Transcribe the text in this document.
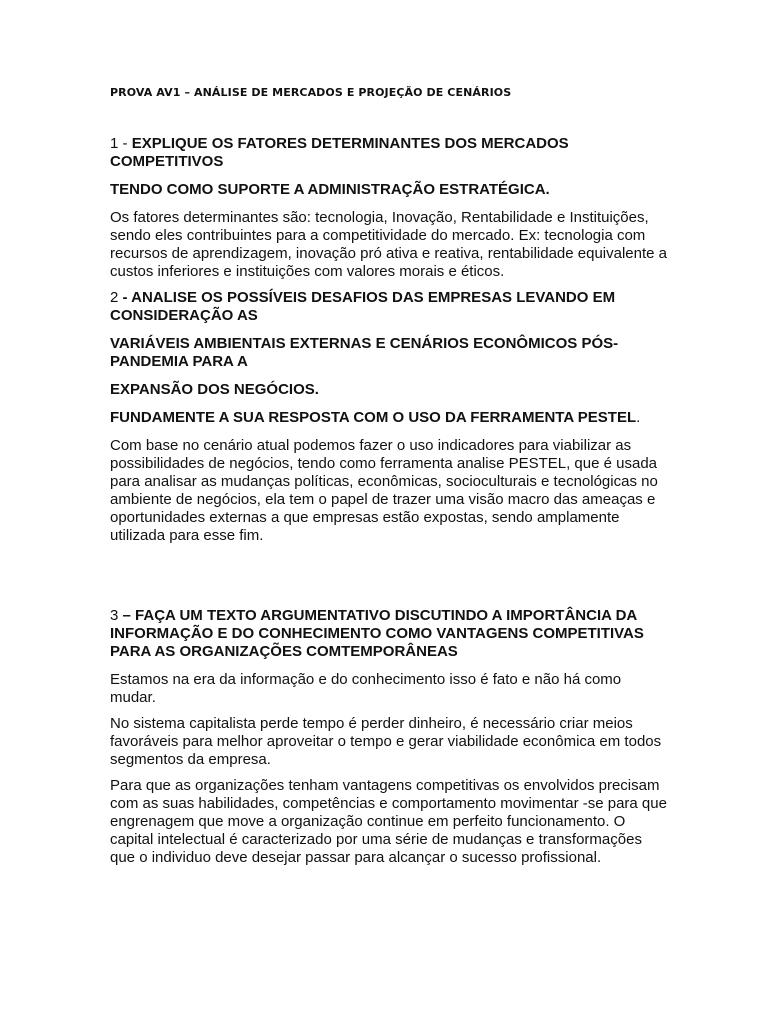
PROVA AV1 – ANÁLISE DE MERCADOS E PROJEÇÃO DE CENÁRIOS
1 - EXPLIQUE OS FATORES DETERMINANTES DOS MERCADOS COMPETITIVOS
TENDO COMO SUPORTE A ADMINISTRAÇÃO ESTRATÉGICA.
Os fatores determinantes são: tecnologia, Inovação, Rentabilidade e Instituições, sendo eles contribuintes para a competitividade do mercado. Ex: tecnologia com recursos de aprendizagem, inovação pró ativa e reativa, rentabilidade equivalente a custos inferiores e instituições com valores morais e éticos.
2 - ANALISE OS POSSÍVEIS DESAFIOS DAS EMPRESAS LEVANDO EM CONSIDERAÇÃO AS
VARIÁVEIS AMBIENTAIS EXTERNAS E CENÁRIOS ECONÔMICOS PÓS-PANDEMIA PARA A
EXPANSÃO DOS NEGÓCIOS.
FUNDAMENTE A SUA RESPOSTA COM O USO DA FERRAMENTA PESTEL.
Com base no cenário atual podemos fazer o uso indicadores para viabilizar as possibilidades de negócios, tendo como ferramenta analise PESTEL, que é usada para analisar as mudanças políticas, econômicas, socioculturais e tecnológicas no ambiente de negócios, ela tem o papel de trazer uma visão macro das ameaças e oportunidades externas a que empresas estão expostas, sendo amplamente utilizada para esse fim.
3 – FAÇA UM TEXTO ARGUMENTATIVO DISCUTINDO A IMPORTÂNCIA DA INFORMAÇÃO E DO CONHECIMENTO COMO VANTAGENS COMPETITIVAS PARA AS ORGANIZAÇÕES COMTEMPORÂNEAS
Estamos na era da informação e do conhecimento isso é fato e não há como mudar.
No sistema capitalista perde tempo é perder dinheiro, é necessário criar meios favoráveis para melhor aproveitar o tempo e gerar viabilidade econômica em todos segmentos da empresa.
Para que as organizações tenham vantagens competitivas os envolvidos precisam com as suas habilidades, competências e comportamento movimentar -se para que engrenagem que move a organização continue em perfeito funcionamento. O capital intelectual é caracterizado por uma série de mudanças e transformações que o individuo deve desejar passar para alcançar o sucesso profissional.
